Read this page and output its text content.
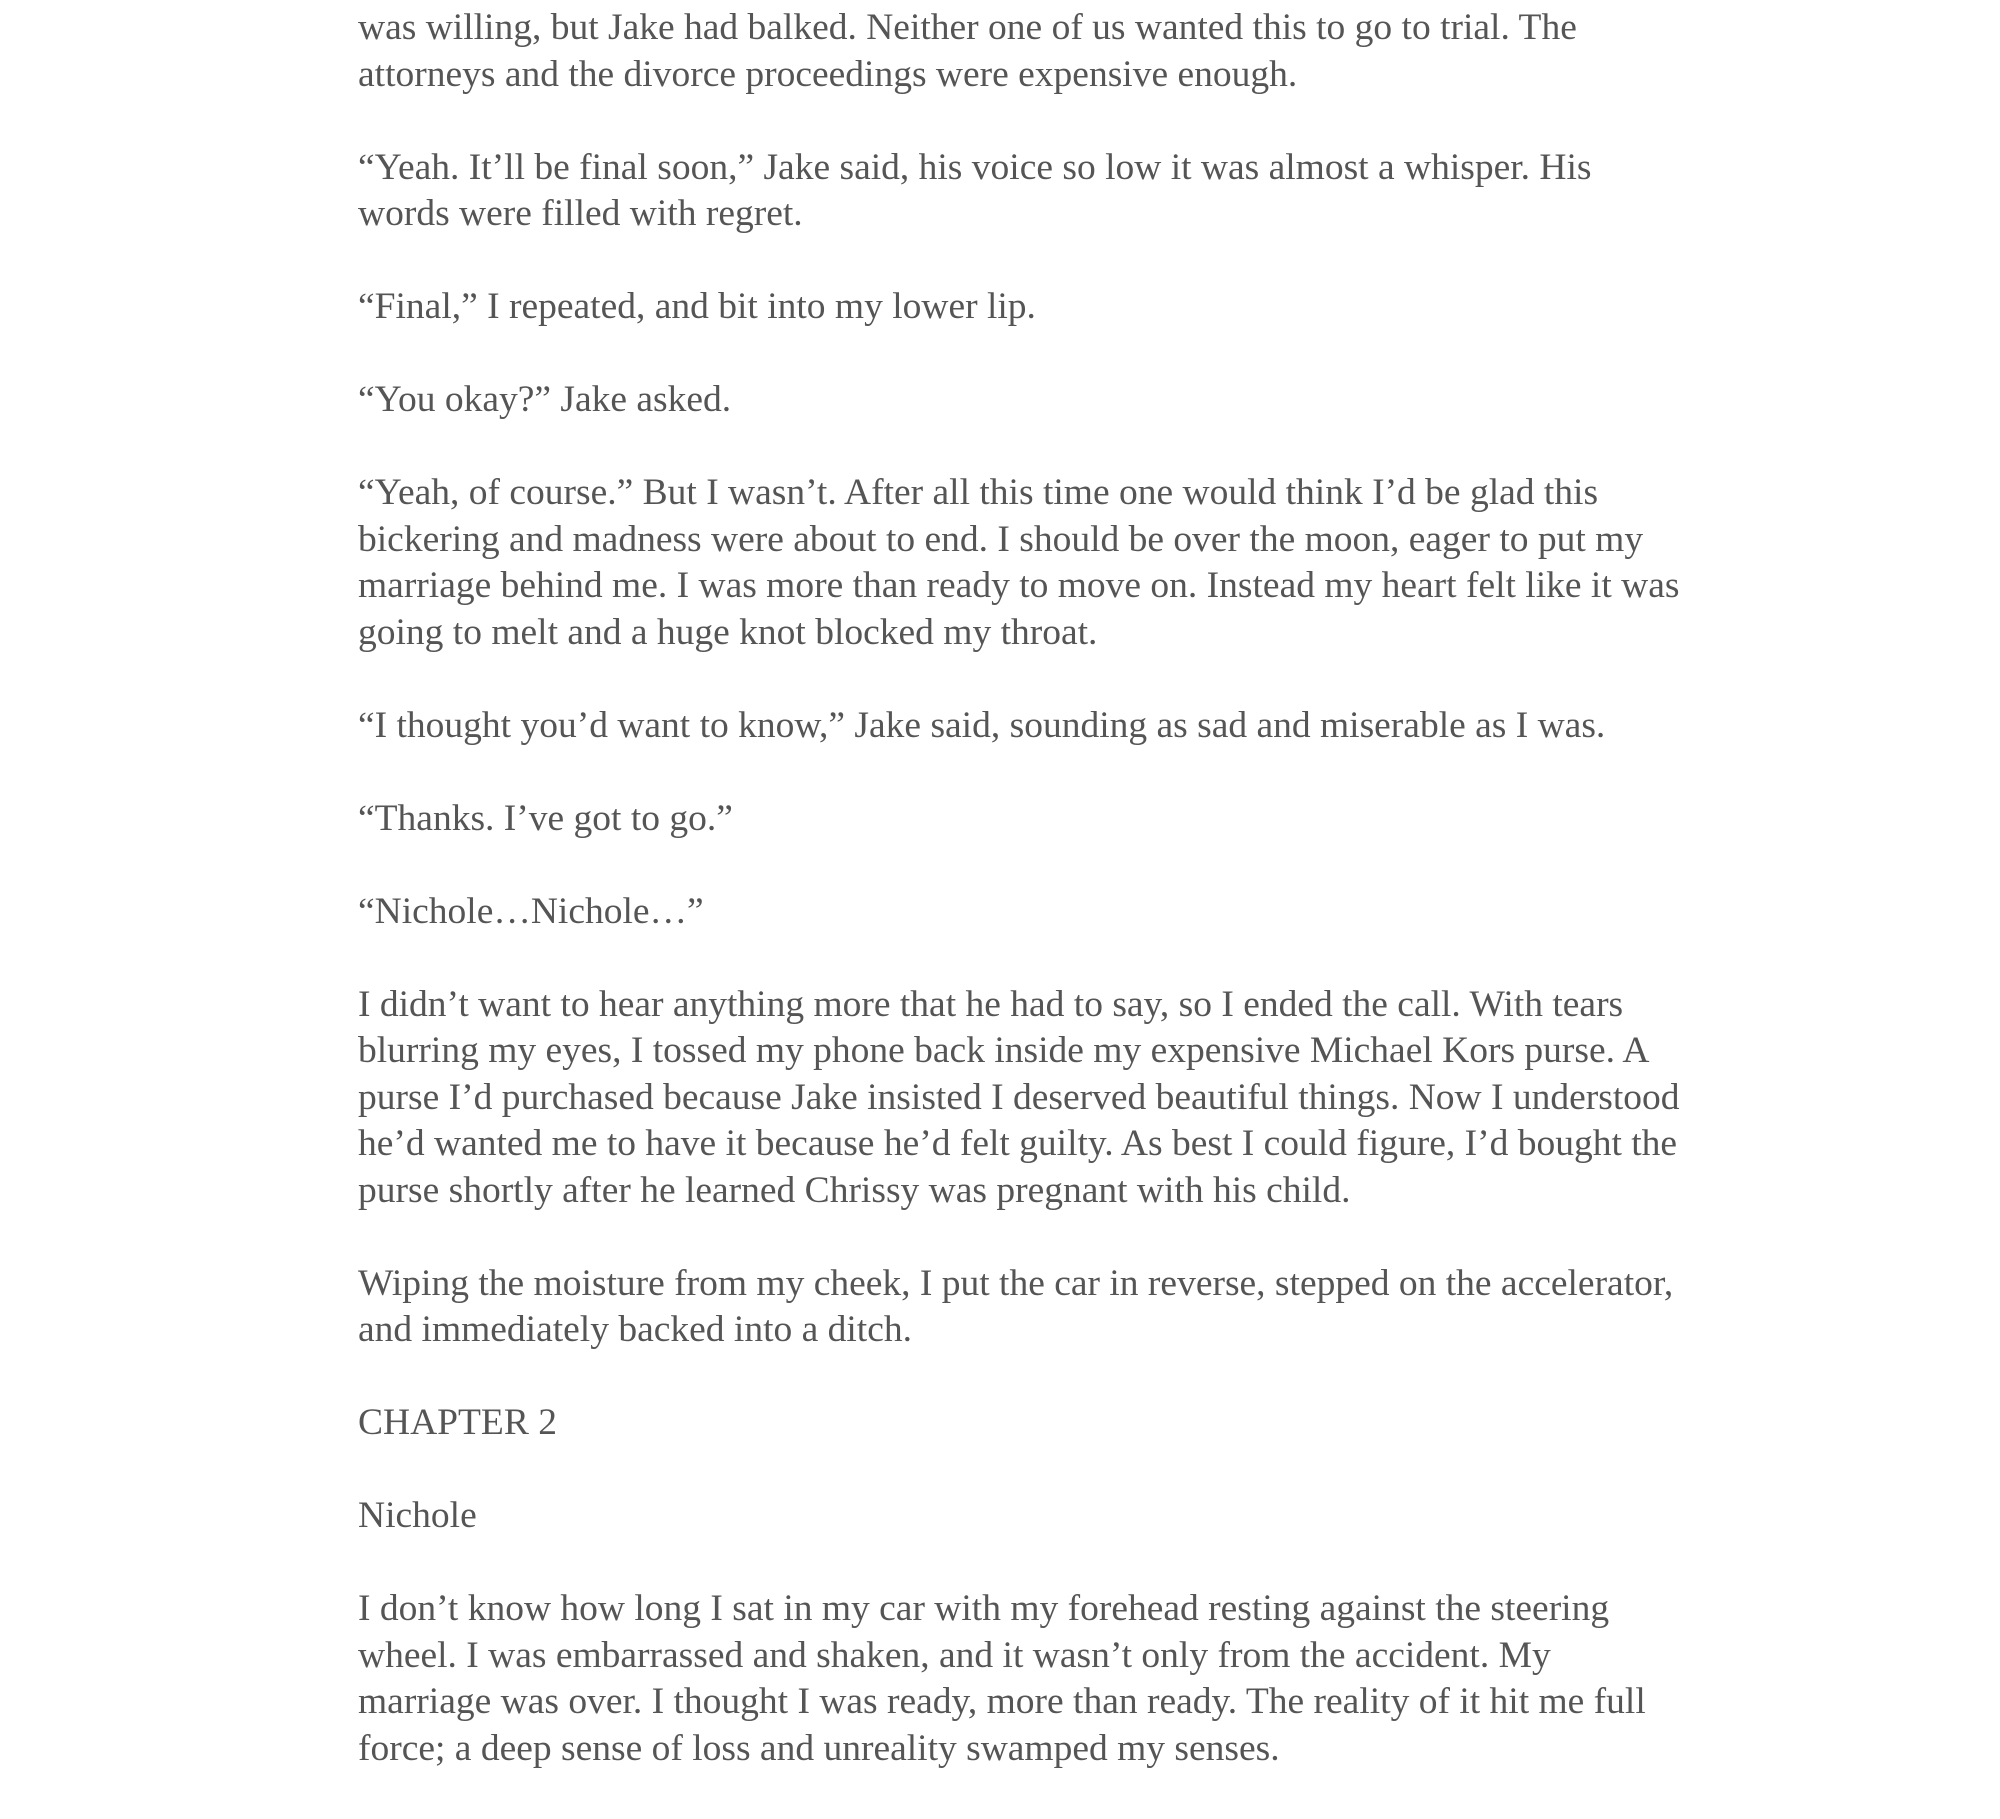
was willing, but Jake had balked. Neither one of us wanted this to go to trial. The attorneys and the divorce proceedings were expensive enough.

“Yeah. It’ll be final soon,” Jake said, his voice so low it was almost a whisper. His words were filled with regret.

“Final,” I repeated, and bit into my lower lip.

“You okay?” Jake asked.

“Yeah, of course.” But I wasn’t. After all this time one would think I’d be glad this bickering and madness were about to end. I should be over the moon, eager to put my marriage behind me. I was more than ready to move on. Instead my heart felt like it was going to melt and a huge knot blocked my throat.

“I thought you’d want to know,” Jake said, sounding as sad and miserable as I was.

“Thanks. I’ve got to go.”

“Nichole…Nichole…”

I didn’t want to hear anything more that he had to say, so I ended the call. With tears blurring my eyes, I tossed my phone back inside my expensive Michael Kors purse. A purse I’d purchased because Jake insisted I deserved beautiful things. Now I understood he’d wanted me to have it because he’d felt guilty. As best I could figure, I’d bought the purse shortly after he learned Chrissy was pregnant with his child.

Wiping the moisture from my cheek, I put the car in reverse, stepped on the accelerator, and immediately backed into a ditch.

CHAPTER 2

Nichole

I don’t know how long I sat in my car with my forehead resting against the steering wheel. I was embarrassed and shaken, and it wasn’t only from the accident. My marriage was over. I thought I was ready, more than ready. The reality of it hit me full force; a deep sense of loss and unreality swamped my senses.
